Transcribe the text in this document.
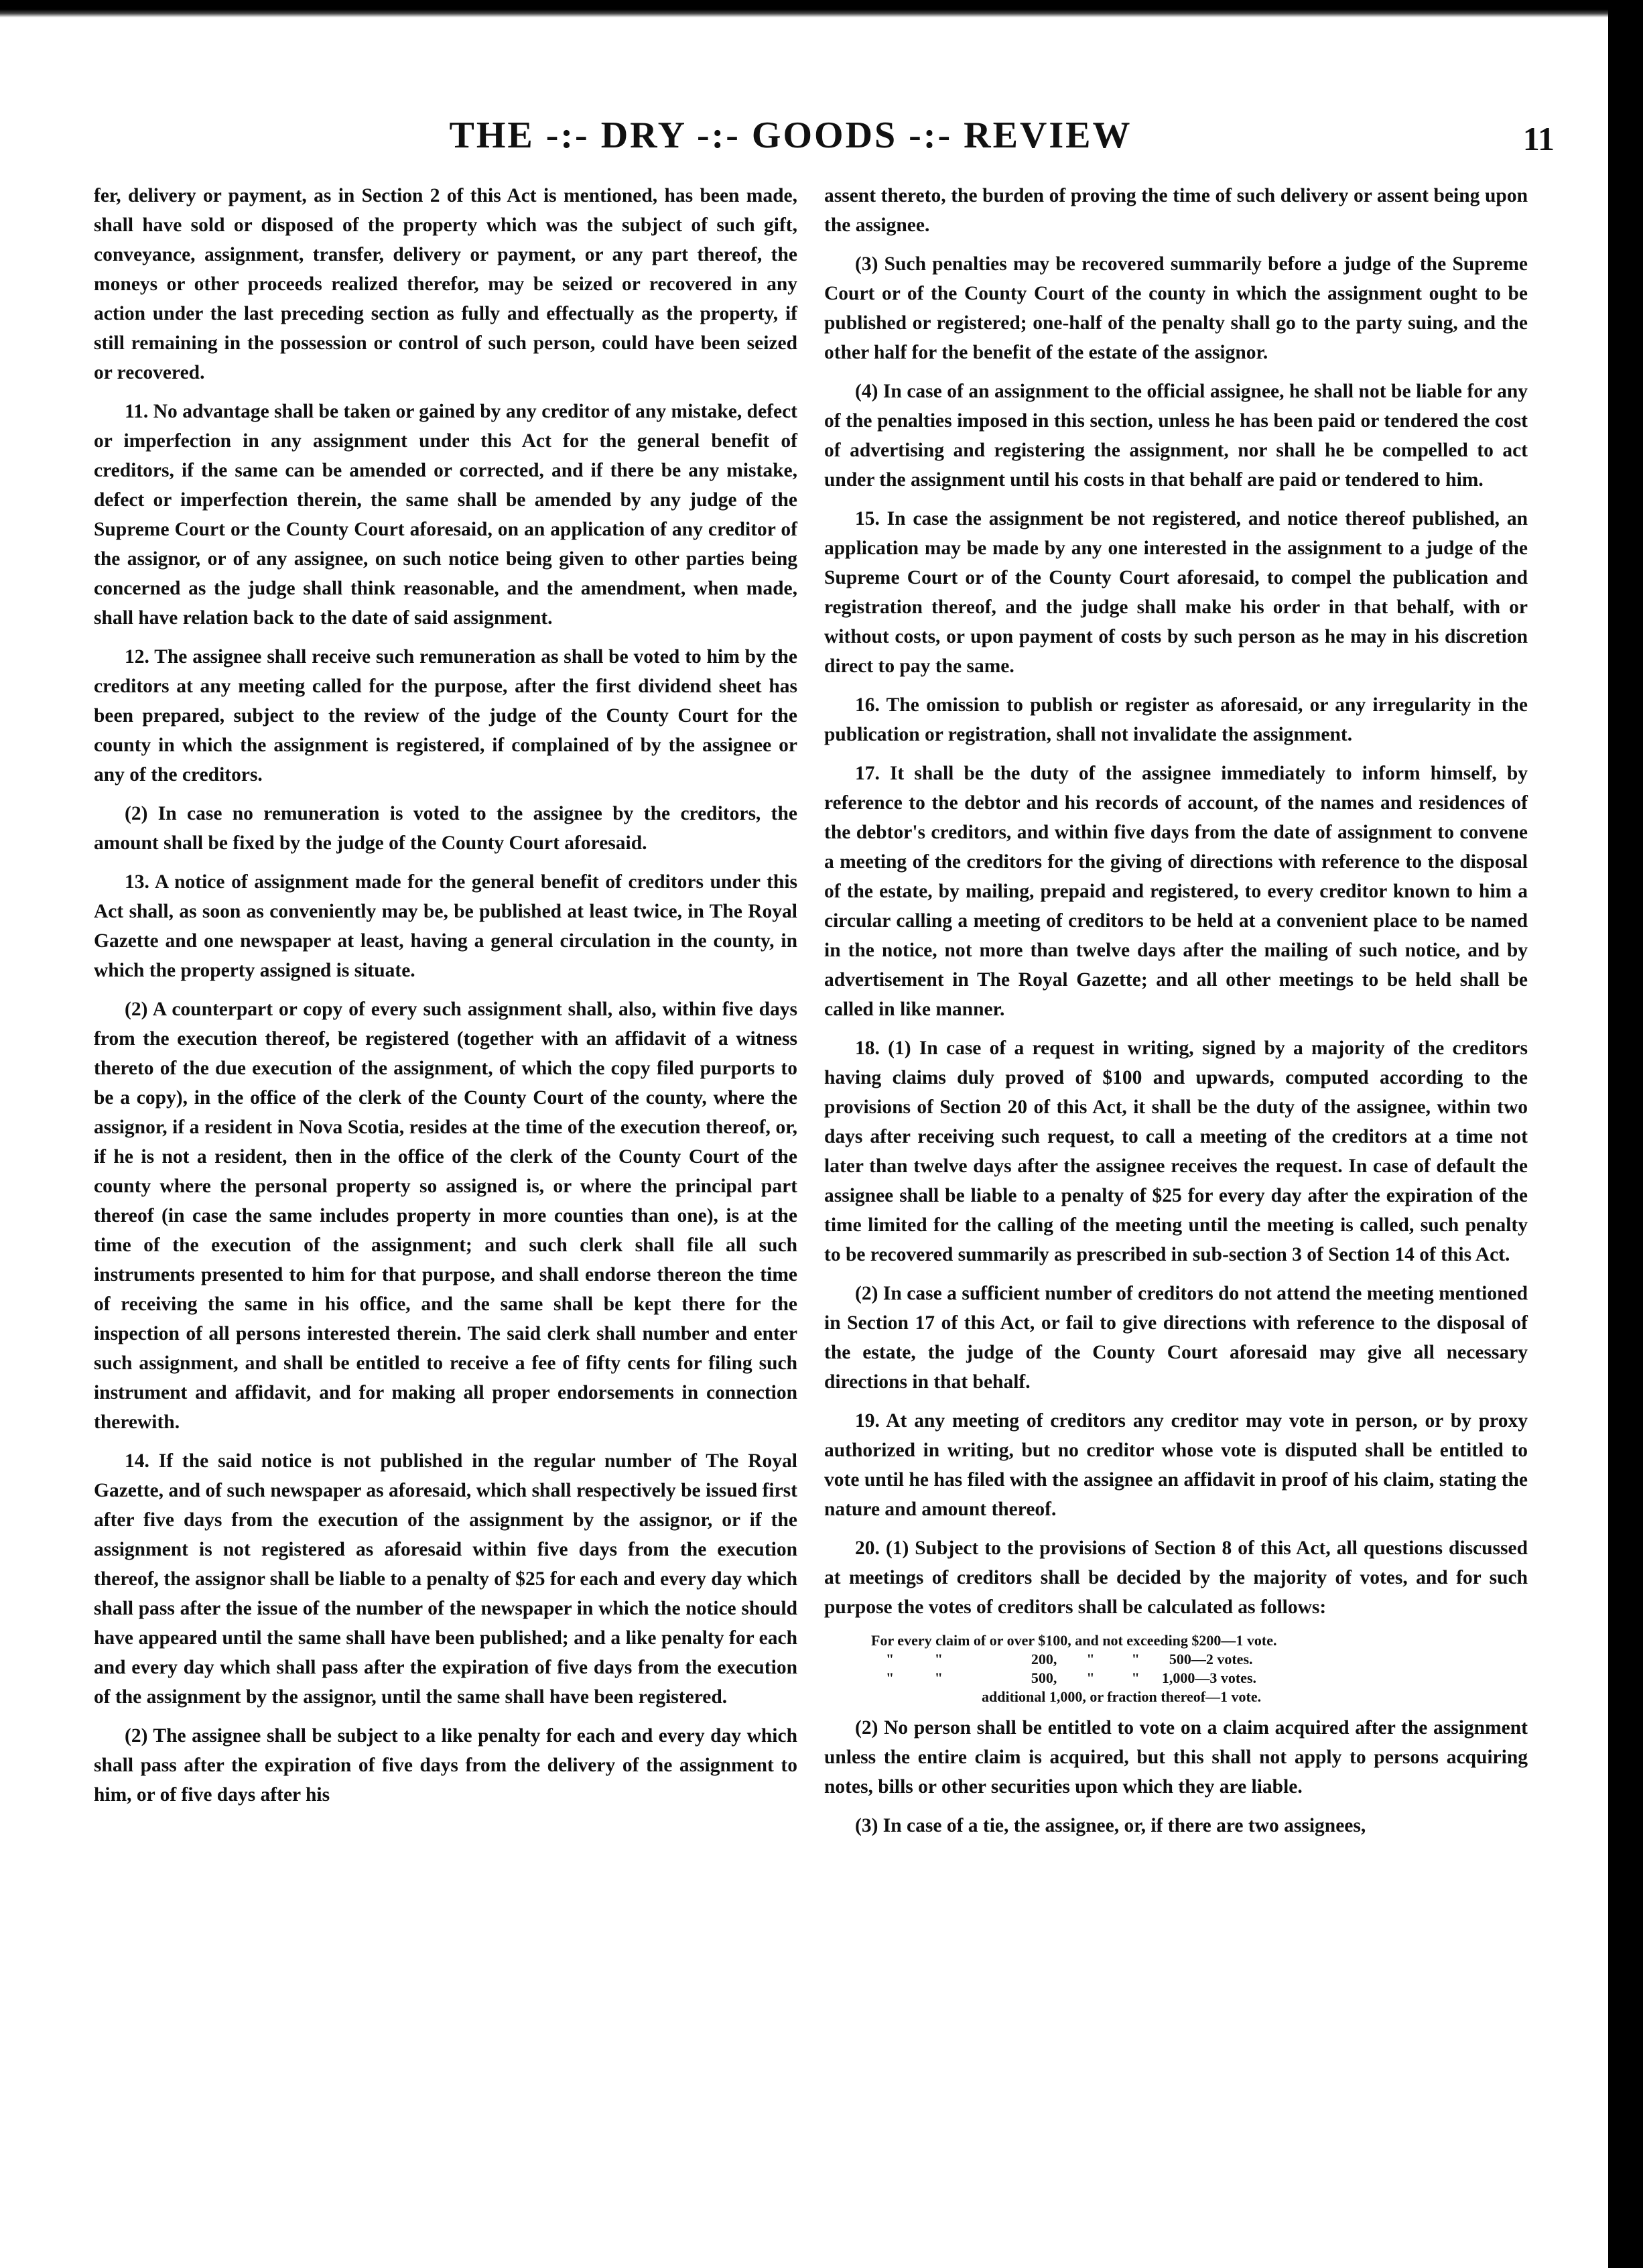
THE -:- DRY -:- GOODS -:- REVIEW	11

fer, delivery or payment, as in Section 2 of this Act is mentioned, has been made, shall have sold or disposed of the property which was the subject of such gift, conveyance, assignment, transfer, delivery or payment, or any part thereof, the moneys or other proceeds realized therefor, may be seized or recovered in any action under the last preceding section as fully and effectually as the property, if still remaining in the possession or control of such person, could have been seized or recovered.

11. No advantage shall be taken or gained by any creditor of any mistake, defect or imperfection in any assignment under this Act for the general benefit of creditors, if the same can be amended or corrected, and if there be any mistake, defect or imperfection therein, the same shall be amended by any judge of the Supreme Court or the County Court aforesaid, on an application of any creditor of the assignor, or of any assignee, on such notice being given to other parties being concerned as the judge shall think reasonable, and the amendment, when made, shall have relation back to the date of said assignment.

12. The assignee shall receive such remuneration as shall be voted to him by the creditors at any meeting called for the purpose, after the first dividend sheet has been prepared, subject to the review of the judge of the County Court for the county in which the assignment is registered, if complained of by the assignee or any of the creditors.

(2) In case no remuneration is voted to the assignee by the creditors, the amount shall be fixed by the judge of the County Court aforesaid.

13. A notice of assignment made for the general benefit of creditors under this Act shall, as soon as conveniently may be, be published at least twice, in The Royal Gazette and one newspaper at least, having a general circulation in the county, in which the property assigned is situate.

(2) A counterpart or copy of every such assignment shall, also, within five days from the execution thereof, be registered (together with an affidavit of a witness thereto of the due execution of the assignment, of which the copy filed purports to be a copy), in the office of the clerk of the County Court of the county, where the assignor, if a resident in Nova Scotia, resides at the time of the execution thereof, or, if he is not a resident, then in the office of the clerk of the County Court of the county where the personal property so assigned is, or where the principal part thereof (in case the same includes property in more counties than one), is at the time of the execution of the assignment; and such clerk shall file all such instruments presented to him for that purpose, and shall endorse thereon the time of receiving the same in his office, and the same shall be kept there for the inspection of all persons interested therein. The said clerk shall number and enter such assignment, and shall be entitled to receive a fee of fifty cents for filing such instrument and affidavit, and for making all proper endorsements in connection therewith.

14. If the said notice is not published in the regular number of The Royal Gazette, and of such newspaper as aforesaid, which shall respectively be issued first after five days from the execution of the assignment by the assignor, or if the assignment is not registered as aforesaid within five days from the execution thereof, the assignor shall be liable to a penalty of $25 for each and every day which shall pass after the issue of the number of the newspaper in which the notice should have appeared until the same shall have been published; and a like penalty for each and every day which shall pass after the expiration of five days from the execution of the assignment by the assignor, until the same shall have been registered.

(2) The assignee shall be subject to a like penalty for each and every day which shall pass after the expiration of five days from the delivery of the assignment to him, or of five days after his

assent thereto, the burden of proving the time of such delivery or assent being upon the assignee.

(3) Such penalties may be recovered summarily before a judge of the Supreme Court or of the County Court of the county in which the assignment ought to be published or registered; one-half of the penalty shall go to the party suing, and the other half for the benefit of the estate of the assignor.

(4) In case of an assignment to the official assignee, he shall not be liable for any of the penalties imposed in this section, unless he has been paid or tendered the cost of advertising and registering the assignment, nor shall he be compelled to act under the assignment until his costs in that behalf are paid or tendered to him.

15. In case the assignment be not registered, and notice thereof published, an application may be made by any one interested in the assignment to a judge of the Supreme Court or of the County Court aforesaid, to compel the publication and registration thereof, and the judge shall make his order in that behalf, with or without costs, or upon payment of costs by such person as he may in his discretion direct to pay the same.

16. The omission to publish or register as aforesaid, or any irregularity in the publication or registration, shall not invalidate the assignment.

17. It shall be the duty of the assignee immediately to inform himself, by reference to the debtor and his records of account, of the names and residences of the debtor's creditors, and within five days from the date of assignment to convene a meeting of the creditors for the giving of directions with reference to the disposal of the estate, by mailing, prepaid and registered, to every creditor known to him a circular calling a meeting of creditors to be held at a convenient place to be named in the notice, not more than twelve days after the mailing of such notice, and by advertisement in The Royal Gazette; and all other meetings to be held shall be called in like manner.

18. (1) In case of a request in writing, signed by a majority of the creditors having claims duly proved of $100 and upwards, computed according to the provisions of Section 20 of this Act, it shall be the duty of the assignee, within two days after receiving such request, to call a meeting of the creditors at a time not later than twelve days after the assignee receives the request. In case of default the assignee shall be liable to a penalty of $25 for every day after the expiration of the time limited for the calling of the meeting until the meeting is called, such penalty to be recovered summarily as prescribed in sub-section 3 of Section 14 of this Act.

(2) In case a sufficient number of creditors do not attend the meeting mentioned in Section 17 of this Act, or fail to give directions with reference to the disposal of the estate, the judge of the County Court aforesaid may give all necessary directions in that behalf.

19. At any meeting of creditors any creditor may vote in person, or by proxy authorized in writing, but no creditor whose vote is disputed shall be entitled to vote until he has filed with the assignee an affidavit in proof of his claim, stating the nature and amount thereof.

20. (1) Subject to the provisions of Section 8 of this Act, all questions discussed at meetings of creditors shall be decided by the majority of votes, and for such purpose the votes of creditors shall be calculated as follows:

For every claim of or over $100, and not exceeding $200—1 vote.
"           "                        200,        "          "        500—2 votes.
"           "                        500,        "          "      1,000—3 votes.
additional 1,000, or fraction thereof—1 vote.

(2) No person shall be entitled to vote on a claim acquired after the assignment unless the entire claim is acquired, but this shall not apply to persons acquiring notes, bills or other securities upon which they are liable.

(3) In case of a tie, the assignee, or, if there are two assignees,
